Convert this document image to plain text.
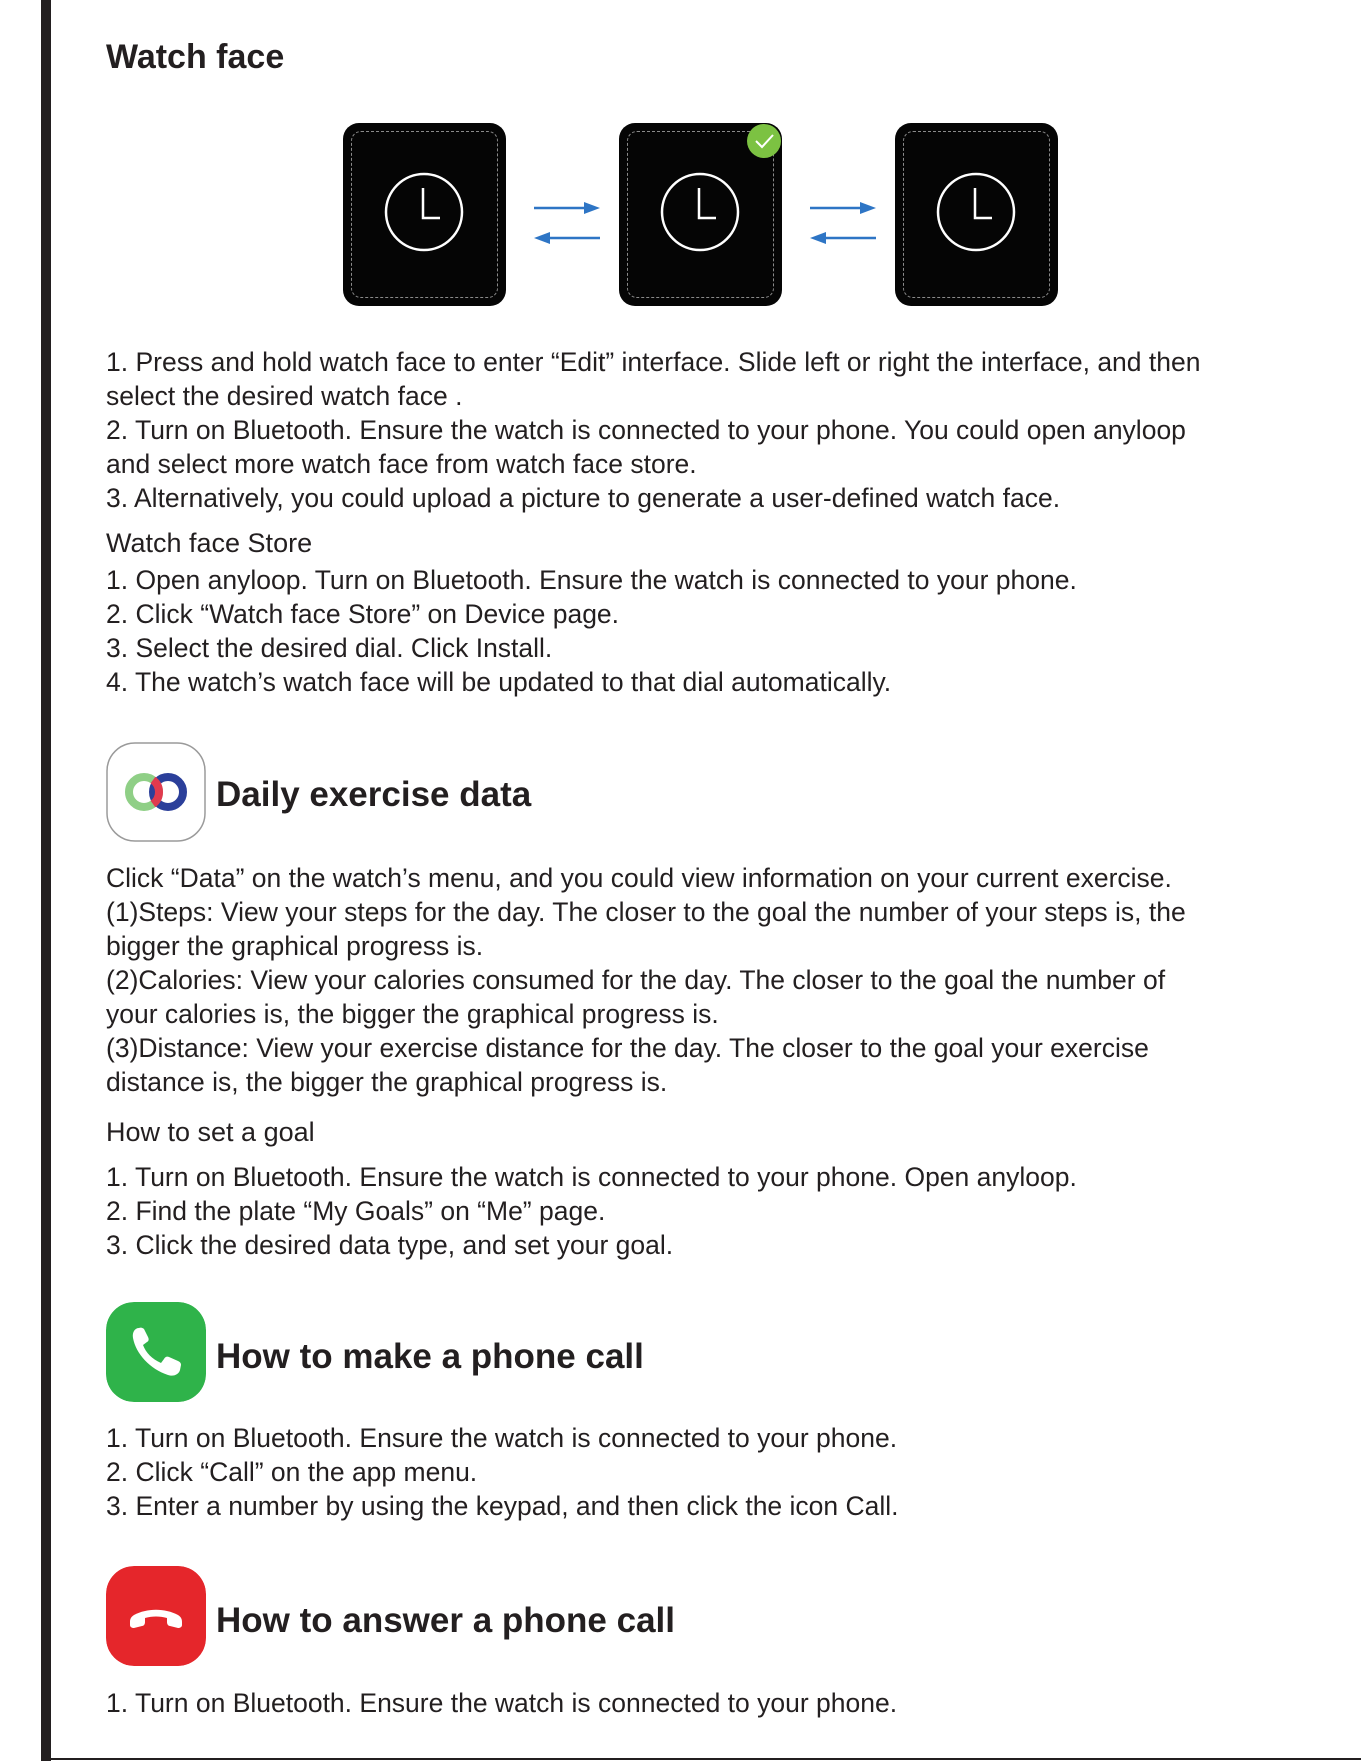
Watch face
1. Press and hold watch face to enter “Edit” interface. Slide left or right the interface, and then
select the desired watch face .
2. Turn on Bluetooth. Ensure the watch is connected to your phone. You could open anyloop
and select more watch face from watch face store.
3. Alternatively, you could upload a picture to generate a user-defined watch face.
Watch face Store
1. Open anyloop. Turn on Bluetooth. Ensure the watch is connected to your phone.
2. Click “Watch face Store” on Device page.
3. Select the desired dial. Click Install.
4. The watch’s watch face will be updated to that dial automatically.
Daily exercise data
Click “Data” on the watch’s menu, and you could view information on your current exercise.
(1)Steps: View your steps for the day. The closer to the goal the number of your steps is, the
bigger the graphical progress is.
(2)Calories: View your calories consumed for the day. The closer to the goal the number of
your calories is, the bigger the graphical progress is.
(3)Distance: View your exercise distance for the day. The closer to the goal your exercise
distance is, the bigger the graphical progress is.
How to set a goal
1. Turn on Bluetooth. Ensure the watch is connected to your phone. Open anyloop.
2. Find the plate “My Goals” on “Me” page.
3. Click the desired data type, and set your goal.
How to make a phone call
1. Turn on Bluetooth. Ensure the watch is connected to your phone.
2. Click “Call” on the app menu.
3. Enter a number by using the keypad, and then click the icon Call.
How to answer a phone call
1. Turn on Bluetooth. Ensure the watch is connected to your phone.
